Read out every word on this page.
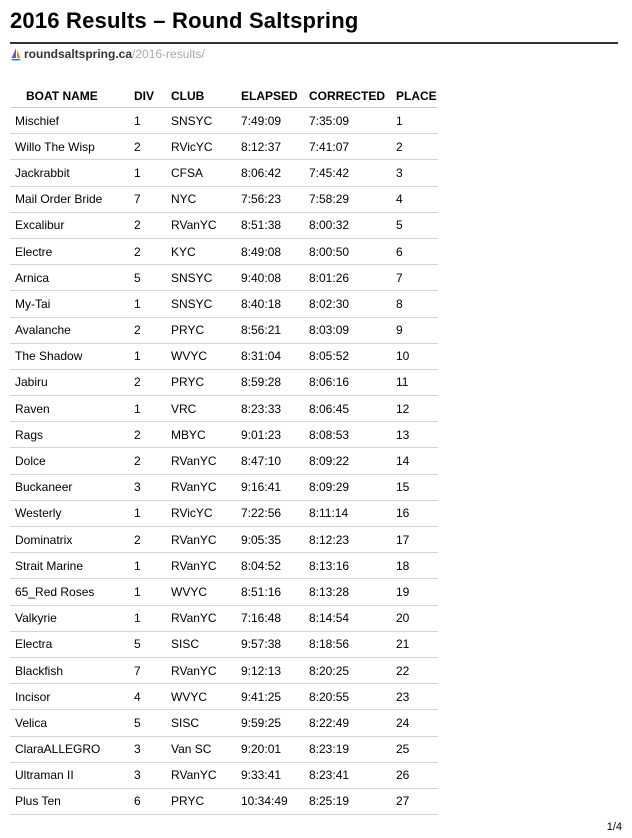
2016 Results – Round Saltspring
roundsaltspring.ca /2016-results/
BOAT NAME	DIV	CLUB	ELAPSED	CORRECTED	PLACE
Mischief	1	SNSYC	7:49:09	7:35:09	1
Willo The Wisp	2	RVicYC	8:12:37	7:41:07	2
Jackrabbit	1	CFSA	8:06:42	7:45:42	3
Mail Order Bride	7	NYC	7:56:23	7:58:29	4
Excalibur	2	RVanYC	8:51:38	8:00:32	5
Electre	2	KYC	8:49:08	8:00:50	6
Arnica	5	SNSYC	9:40:08	8:01:26	7
My-Tai	1	SNSYC	8:40:18	8:02:30	8
Avalanche	2	PRYC	8:56:21	8:03:09	9
The Shadow	1	WVYC	8:31:04	8:05:52	10
Jabiru	2	PRYC	8:59:28	8:06:16	11
Raven	1	VRC	8:23:33	8:06:45	12
Rags	2	MBYC	9:01:23	8:08:53	13
Dolce	2	RVanYC	8:47:10	8:09:22	14
Buckaneer	3	RVanYC	9:16:41	8:09:29	15
Westerly	1	RVicYC	7:22:56	8:11:14	16
Dominatrix	2	RVanYC	9:05:35	8:12:23	17
Strait Marine	1	RVanYC	8:04:52	8:13:16	18
65_Red Roses	1	WVYC	8:51:16	8:13:28	19
Valkyrie	1	RVanYC	7:16:48	8:14:54	20
Electra	5	SISC	9:57:38	8:18:56	21
Blackfish	7	RVanYC	9:12:13	8:20:25	22
Incisor	4	WVYC	9:41:25	8:20:55	23
Velica	5	SISC	9:59:25	8:22:49	24
ClaraALLEGRO	3	Van SC	9:20:01	8:23:19	25
Ultraman II	3	RVanYC	9:33:41	8:23:41	26
Plus Ten	6	PRYC	10:34:49	8:25:19	27
1/4
